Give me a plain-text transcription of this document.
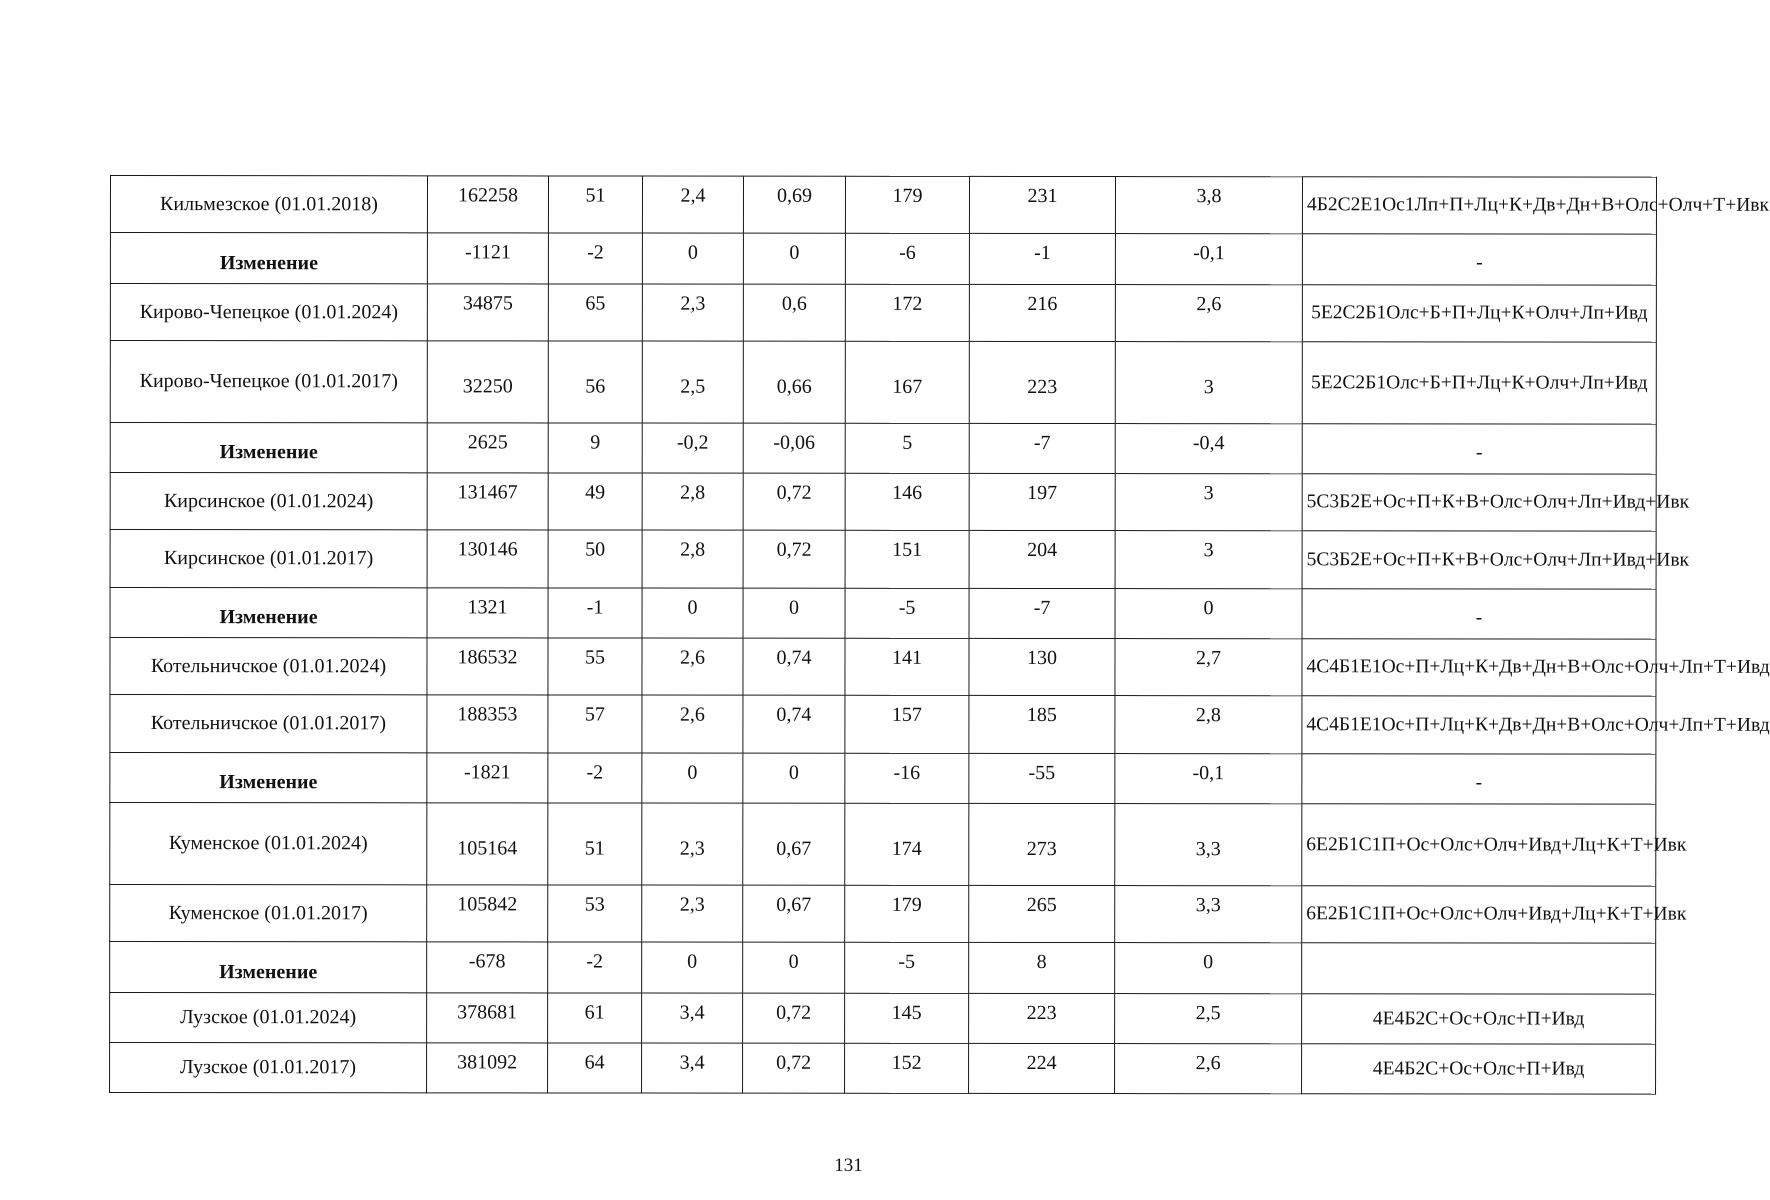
Кильмезское (01.01.2018)	162258	51	2,4	0,69	179	231	3,8	4Б2С2Е1Ос1Лп+П+Лц+К+Дв+Дн+В+Олс+Олч+Т+Ивк
Изменение	-1121	-2	0	0	-6	-1	-0,1	-
Кирово-Чепецкое (01.01.2024)	34875	65	2,3	0,6	172	216	2,6	5Е2С2Б1Олс+Б+П+Лц+К+Олч+Лп+Ивд
Кирово-Чепецкое (01.01.2017)	32250	56	2,5	0,66	167	223	3	5Е2С2Б1Олс+Б+П+Лц+К+Олч+Лп+Ивд
Изменение	2625	9	-0,2	-0,06	5	-7	-0,4	-
Кирсинское (01.01.2024)	131467	49	2,8	0,72	146	197	3	5С3Б2Е+Ос+П+К+В+Олс+Олч+Лп+Ивд+Ивк
Кирсинское (01.01.2017)	130146	50	2,8	0,72	151	204	3	5С3Б2Е+Ос+П+К+В+Олс+Олч+Лп+Ивд+Ивк
Изменение	1321	-1	0	0	-5	-7	0	-
Котельничское (01.01.2024)	186532	55	2,6	0,74	141	130	2,7	4С4Б1Е1Ос+П+Лц+К+Дв+Дн+В+Олс+Олч+Лп+Т+Ивд
Котельничское (01.01.2017)	188353	57	2,6	0,74	157	185	2,8	4С4Б1Е1Ос+П+Лц+К+Дв+Дн+В+Олс+Олч+Лп+Т+Ивд
Изменение	-1821	-2	0	0	-16	-55	-0,1	-
Куменское (01.01.2024)	105164	51	2,3	0,67	174	273	3,3	6Е2Б1С1П+Ос+Олс+Олч+Ивд+Лц+К+Т+Ивк
Куменское (01.01.2017)	105842	53	2,3	0,67	179	265	3,3	6Е2Б1С1П+Ос+Олс+Олч+Ивд+Лц+К+Т+Ивк
Изменение	-678	-2	0	0	-5	8	0	
Лузское (01.01.2024)	378681	61	3,4	0,72	145	223	2,5	4Е4Б2С+Ос+Олс+П+Ивд
Лузское (01.01.2017)	381092	64	3,4	0,72	152	224	2,6	4Е4Б2С+Ос+Олс+П+Ивд
131
